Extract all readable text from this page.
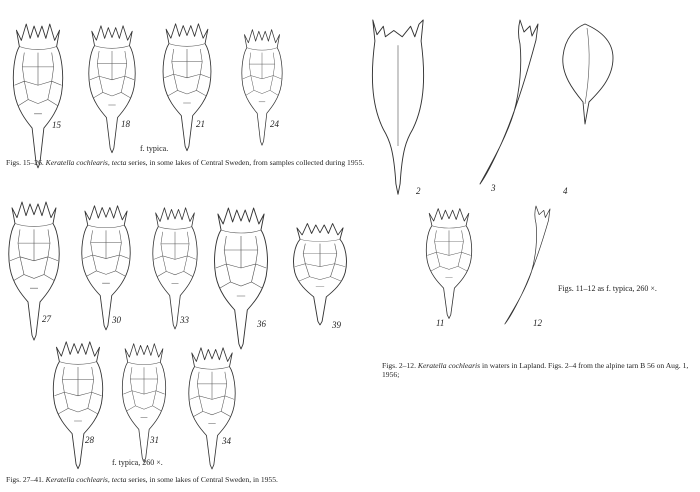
15	18	21	24
f. typica.
27	30	33	36	39
28	31	34
f. typica, 260 ×.
2	3	4
11	12
Figs. 11–12 as f. typica, 260 ×.

Figs. 15–26. Keratella cochlearis, tecta series, in some lakes of Central Sweden, from samples collected during 1955.

Figs. 27–41. Keratella cochlearis, tecta series, in some lakes of Central Sweden, in 1955.

Figs. 2–12. Keratella cochlearis in waters in Lapland. Figs. 2–4 from the alpine tarn B 56 on Aug. 1, 1956;
